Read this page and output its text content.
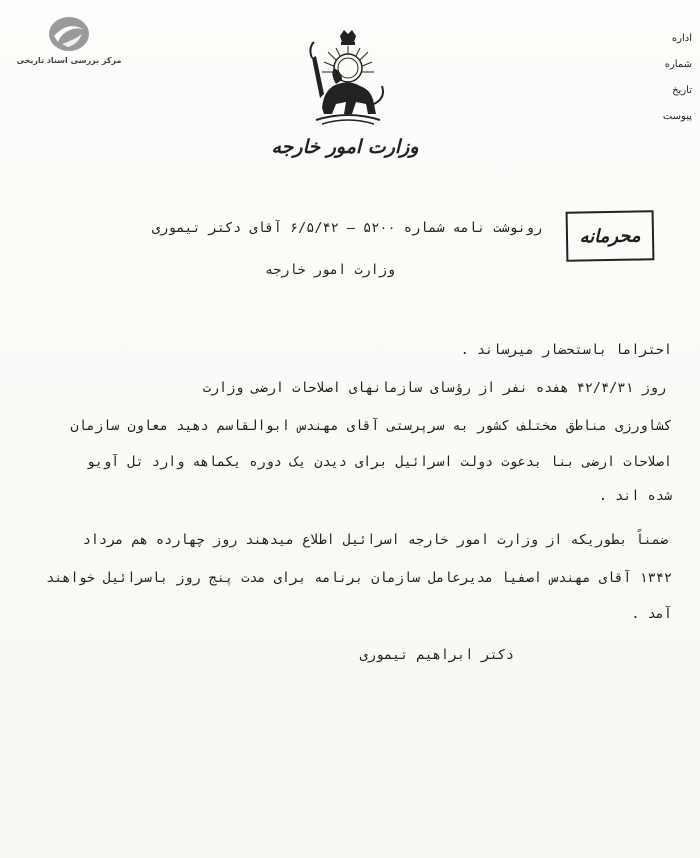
مرکز بررسی اسناد تاریخی
اداره
شماره
تاریخ
پیوست
وزارت امور خارجه
محرمانه
رونوشت نامه شماره ۵۲۰۰ – ۶/۵/۴۲ آقای دکتر تیموری
وزارت امور خارجه
احتراما باستحضار میرساند .
روز ۴۲/۴/۳۱ هفده نفر از رؤسای سازمانهای اصلاحات ارضی وزارت
کشاورزی مناطق مختلف کشور به سرپرستی آقای مهندس ابوالقاسم دهید معاون سازمان
اصلاحات ارضی بنا بدعوت دولت اسرائیل برای دیدن یک دوره یکماهه وارد تل آویو
شده اند .
ضمناً بطوریکه از وزارت امور خارجه اسرائیل اطلاع میدهند روز چهارده هم مرداد
۱۳۴۲ آقای مهندس اصفیا مدیرعامل سازمان برنامه برای مدت پنج روز باسرائیل خواهند
آمد .
دکتر ابراهیم تیموری
